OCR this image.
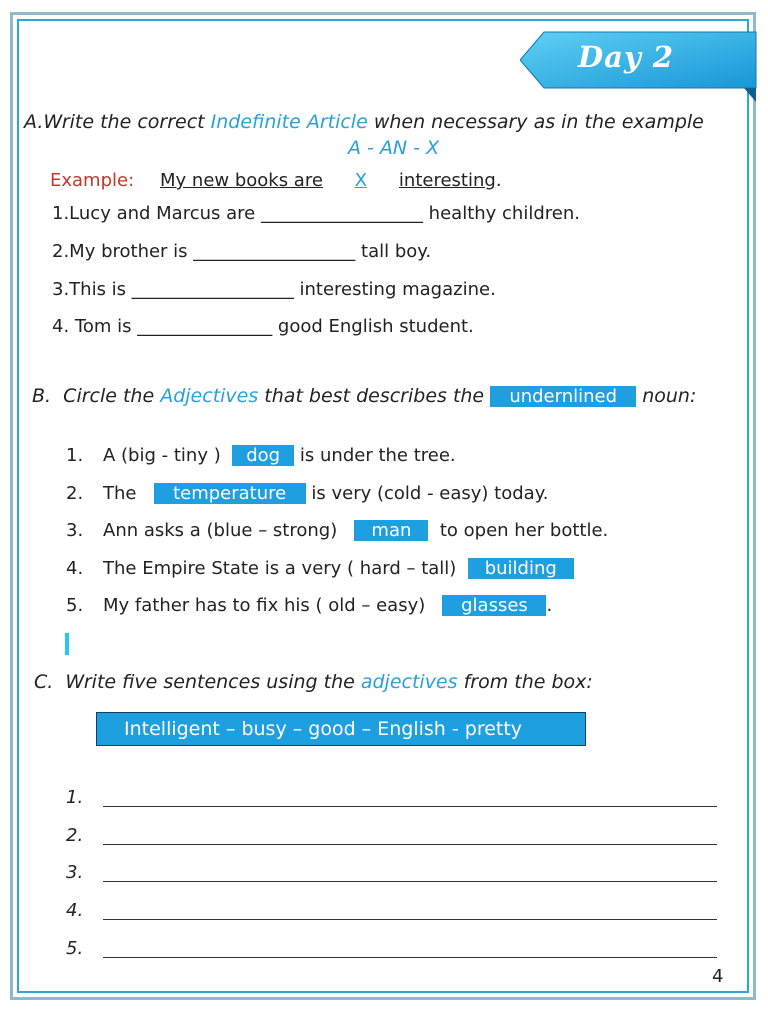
Day 2
A.Write the correct Indefinite Article when necessary as in the example
A - AN - X
Example: My new books are X interesting.
1.Lucy and Marcus are __________________ healthy children.
2.My brother is __________________ tall boy.
3.This is __________________ interesting magazine.
4. Tom is _______________ good English student.
B. Circle the Adjectives that best describes the undernlined noun:
1. A (big - tiny ) dog is under the tree.
2. The temperature is very (cold - easy) today.
3. Ann asks a (blue – strong) man to open her bottle.
4. The Empire State is a very ( hard – tall) building
5. My father has to fix his ( old – easy) glasses .
C. Write five sentences using the adjectives from the box:
Intelligent – busy – good – English - pretty
1.
2.
3.
4.
5.
4
